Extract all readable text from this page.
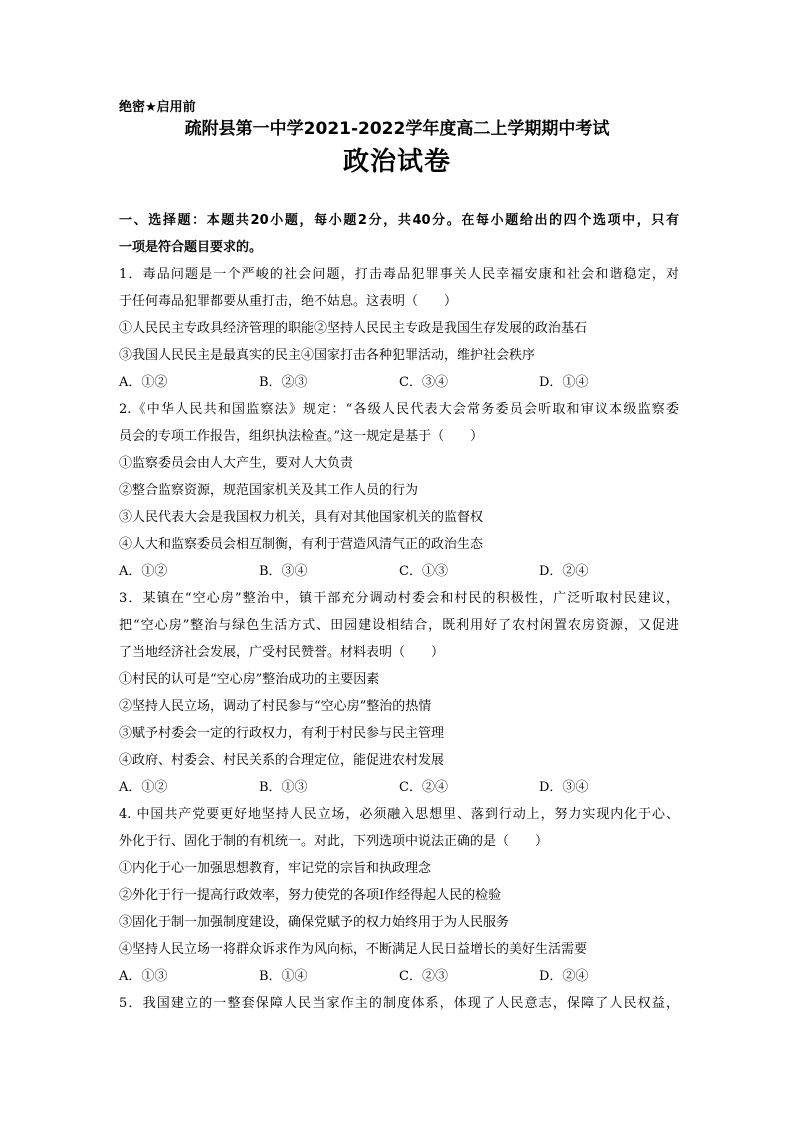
绝密★启用前
疏附县第一中学2021-2022学年度高二上学期期中考试
政治试卷
一、选择题：本题共20小题，每小题2分，共40分。在每小题给出的四个选项中，只有
一项是符合题目要求的。
1．毒品问题是一个严峻的社会问题，打击毒品犯罪事关人民幸福安康和社会和谐稳定，对
于任何毒品犯罪都要从重打击，绝不姑息。这表明（　　）
①人民民主专政具经济管理的职能②坚持人民民主专政是我国生存发展的政治基石
③我国人民民主是最真实的民主④国家打击各种犯罪活动，维护社会秩序
A．①②	B．②③	C．③④	D．①④
2.《中华人民共和国监察法》规定：“各级人民代表大会常务委员会听取和审议本级监察委
员会的专项工作报告，组织执法检查。”这一规定是基于（　　）
①监察委员会由人大产生，要对人大负责
②整合监察资源，规范国家机关及其工作人员的行为
③人民代表大会是我国权力机关，具有对其他国家机关的监督权
④人大和监察委员会相互制衡，有利于营造风清气正的政治生态
A．①②	B．③④	C．①③	D．②④
3．某镇在“空心房”整治中，镇干部充分调动村委会和村民的积极性，广泛听取村民建议，
把“空心房”整治与绿色生活方式、田园建设相结合，既利用好了农村闲置农房资源，又促进
了当地经济社会发展，广受村民赞誉。材料表明（　　）
①村民的认可是“空心房”整治成功的主要因素
②坚持人民立场，调动了村民参与“空心房”整治的热情
③赋予村委会一定的行政权力，有利于村民参与民主管理
④政府、村委会、村民关系的合理定位，能促进农村发展
A．①②	B．①③	C．②④	D．③④
4. 中国共产党要更好地坚持人民立场，必须融入思想里、落到行动上，努力实现内化于心、
外化于行、固化于制的有机统一。对此，下列选项中说法正确的是（　　）
①内化于心一加强思想教育，牢记党的宗旨和执政理念
②外化于行一提高行政效率，努力使党的各项Ⅰ作经得起人民的检验
③固化于制一加强制度建设，确保党赋予的权力始终用于为人民服务
④坚持人民立场一将群众诉求作为风向标，不断满足人民日益增长的美好生活需要
A．①③	B．①④	C．②③	D．②④
5．我国建立的一整套保障人民当家作主的制度体系，体现了人民意志，保障了人民权益，
